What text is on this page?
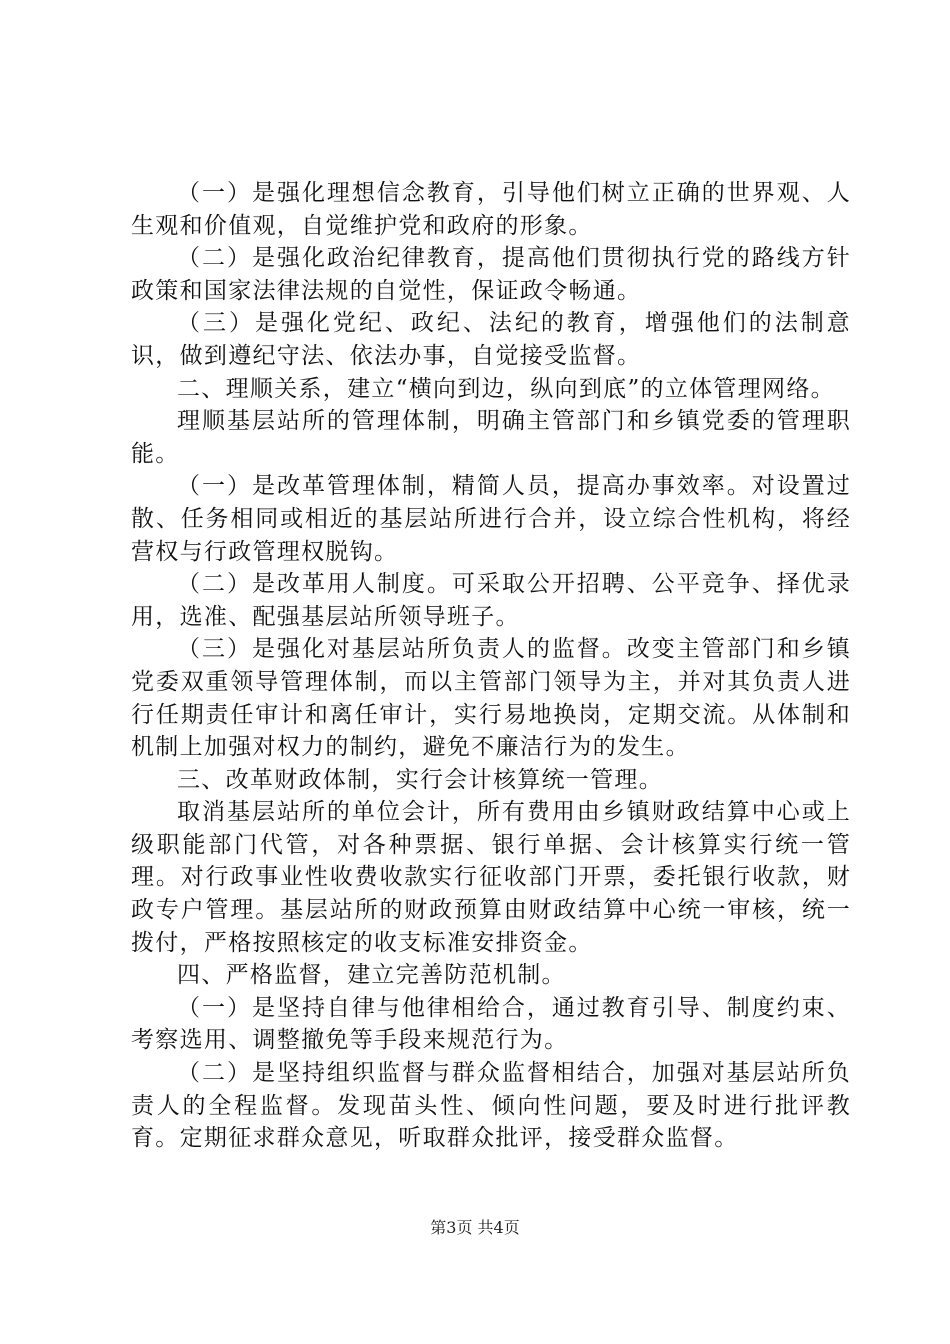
（一）是强化理想信念教育，引导他们树立正确的世界观、人生观和价值观，自觉维护党和政府的形象。

（二）是强化政治纪律教育，提高他们贯彻执行党的路线方针政策和国家法律法规的自觉性，保证政令畅通。

（三）是强化党纪、政纪、法纪的教育，增强他们的法制意识，做到遵纪守法、依法办事，自觉接受监督。

二、理顺关系，建立“横向到边，纵向到底”的立体管理网络。

理顺基层站所的管理体制，明确主管部门和乡镇党委的管理职能。

（一）是改革管理体制，精简人员，提高办事效率。对设置过散、任务相同或相近的基层站所进行合并，设立综合性机构，将经营权与行政管理权脱钩。

（二）是改革用人制度。可采取公开招聘、公平竞争、择优录用，选准、配强基层站所领导班子。

（三）是强化对基层站所负责人的监督。改变主管部门和乡镇党委双重领导管理体制，而以主管部门领导为主，并对其负责人进行任期责任审计和离任审计，实行易地换岗，定期交流。从体制和机制上加强对权力的制约，避免不廉洁行为的发生。

三、改革财政体制，实行会计核算统一管理。

取消基层站所的单位会计，所有费用由乡镇财政结算中心或上级职能部门代管，对各种票据、银行单据、会计核算实行统一管理。对行政事业性收费收款实行征收部门开票，委托银行收款，财政专户管理。基层站所的财政预算由财政结算中心统一审核，统一拨付，严格按照核定的收支标准安排资金。

四、严格监督，建立完善防范机制。

（一）是坚持自律与他律相给合，通过教育引导、制度约束、考察选用、调整撤免等手段来规范行为。

（二）是坚持组织监督与群众监督相结合，加强对基层站所负责人的全程监督。发现苗头性、倾向性问题，要及时进行批评教育。定期征求群众意见，听取群众批评，接受群众监督。

第3页 共4页
